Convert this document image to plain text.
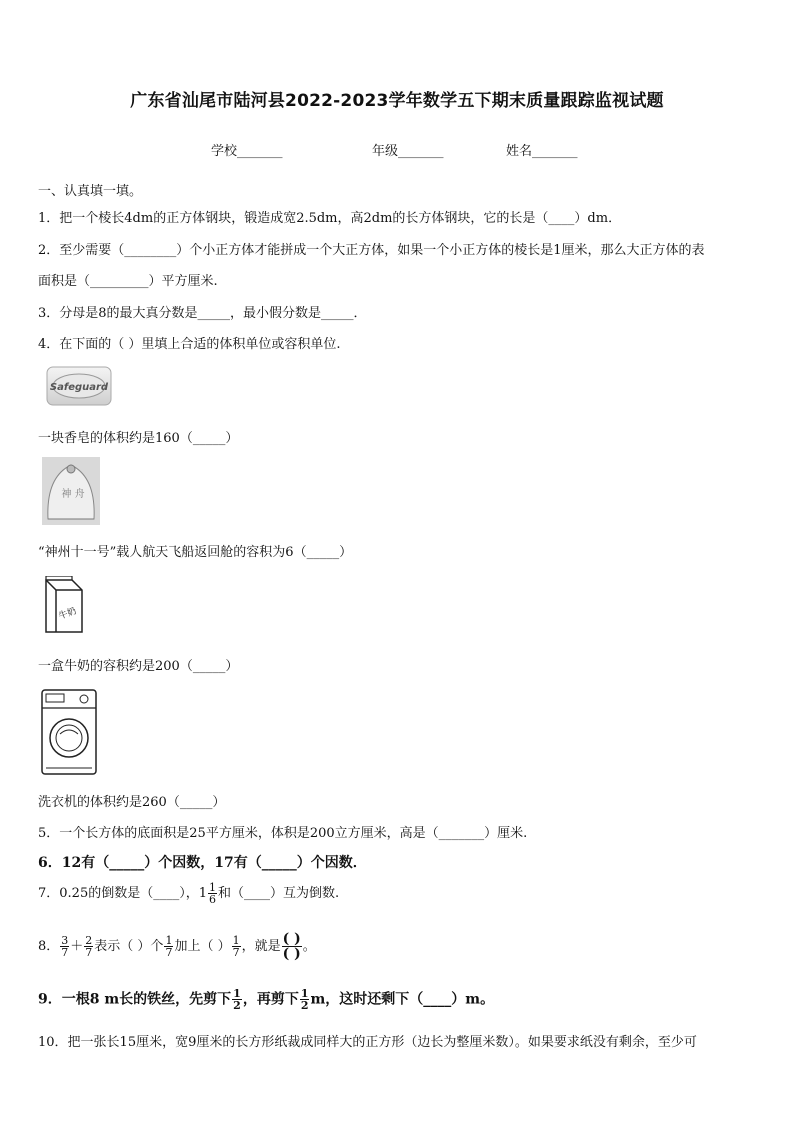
广东省汕尾市陆河县2022-2023学年数学五下期末质量跟踪监视试题
学校_______	年级_______	姓名_______
一、认真填一填。
1．把一个棱长4dm的正方体钢块，锻造成宽2.5dm，高2dm的长方体钢块，它的长是（____）dm．
2．至少需要（________）个小正方体才能拼成一个大正方体，如果一个小正方体的棱长是1厘米，那么大正方体的表
面积是（_________）平方厘米.
3．分母是8的最大真分数是_____，最小假分数是_____．
4．在下面的（ ）里填上合适的体积单位或容积单位.
Safeguard
一块香皂的体积约是160（_____）
神 舟
“神州十一号”载人航天飞船返回舱的容积为6（_____）
牛奶
一盒牛奶的容积约是200（_____）
洗衣机的体积约是260（_____）
5．一个长方体的底面积是25平方厘米，体积是200立方厘米，高是（_______）厘米.
6．12有（_____）个因数，17有（_____）个因数．
7．0.25的倒数是（____），$1 \frac{1}{6}$ 和（____）互为倒数.
8． $\frac{3}{7} + \frac{2}{7}$ 表示（ ）个 $\frac{1}{7}$ 加上（ ） $\frac{1}{7}$ ，就是 $\frac{( )}{( )}$ 。
9．一根8 m长的铁丝，先剪下 $\frac{1}{2}$ ，再剪下 $\frac{1}{2}$ m，这时还剩下（____）m。
10．把一张长15厘米，宽9厘米的长方形纸裁成同样大的正方形（边长为整厘米数）。如果要求纸没有剩余，至少可
